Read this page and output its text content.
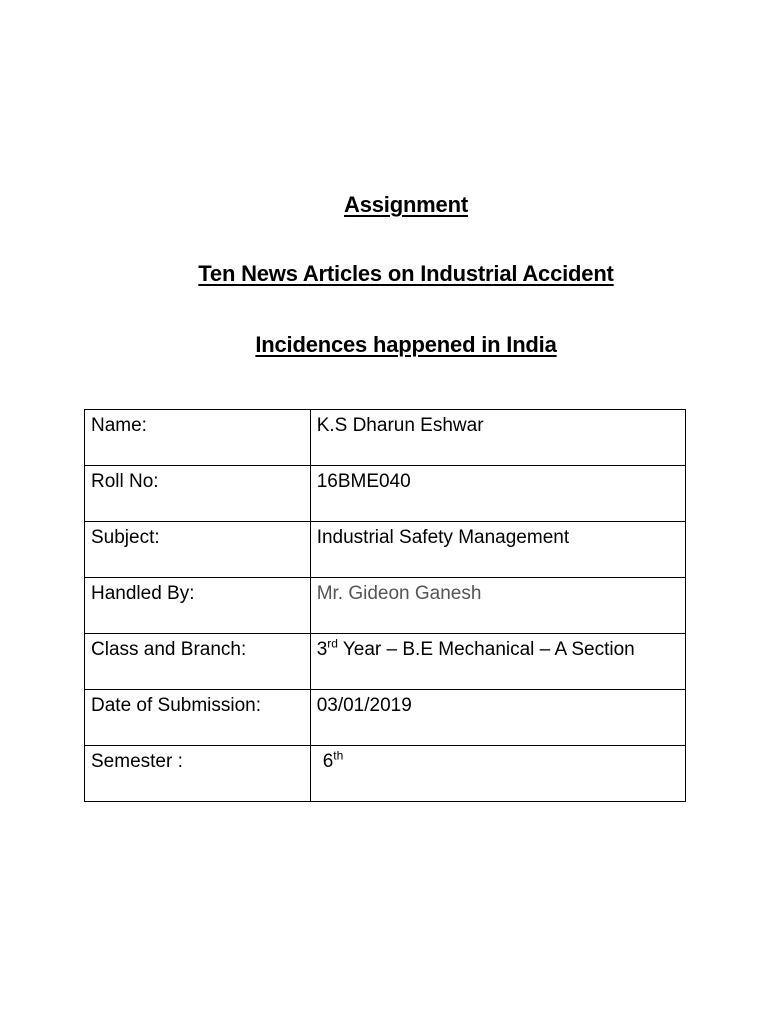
Assignment
Ten News Articles on Industrial Accident
Incidences happened in India
Name:	K.S Dharun Eshwar

Roll No:	16BME040

Subject:	Industrial Safety Management

Handled By:	Mr. Gideon Ganesh

Class and Branch:	3rd Year – B.E Mechanical – A Section

Date of Submission:	03/01/2019

Semester :	6th
